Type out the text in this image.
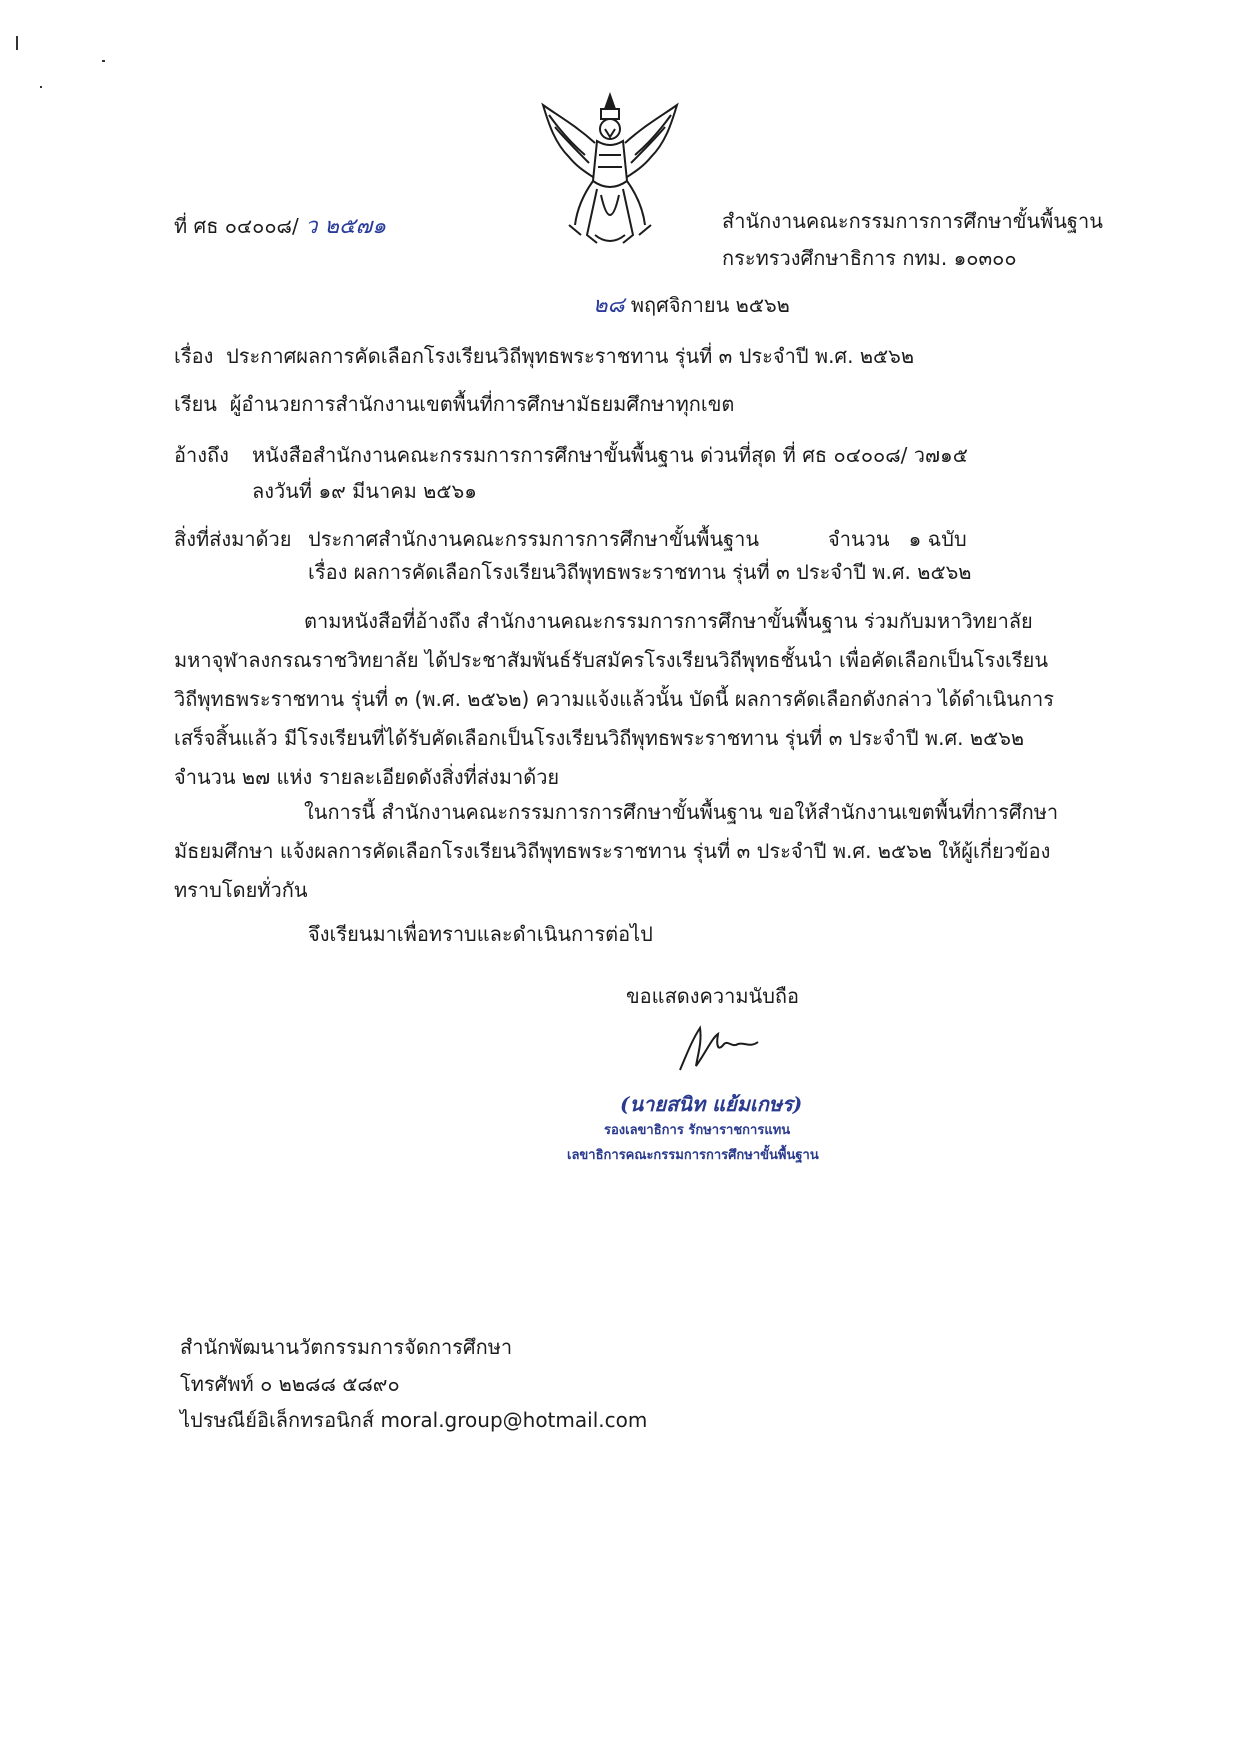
ที่ ศธ ๐๔๐๐๘/ ว ๒๕๗๑	สำนักงานคณะกรรมการการศึกษาขั้นพื้นฐาน
กระทรวงศึกษาธิการ กทม. ๑๐๓๐๐
๒๘ พฤศจิกายน ๒๕๖๒
เรื่อง ประกาศผลการคัดเลือกโรงเรียนวิถีพุทธพระราชทาน รุ่นที่ ๓ ประจำปี พ.ศ. ๒๕๖๒
เรียน ผู้อำนวยการสำนักงานเขตพื้นที่การศึกษามัธยมศึกษาทุกเขต
อ้างถึง หนังสือสำนักงานคณะกรรมการการศึกษาขั้นพื้นฐาน ด่วนที่สุด ที่ ศธ ๐๔๐๐๘/ ว๗๑๕
ลงวันที่ ๑๙ มีนาคม ๒๕๖๑
สิ่งที่ส่งมาด้วย ประกาศสำนักงานคณะกรรมการการศึกษาขั้นพื้นฐาน	จำนวน   ๑ ฉบับ
เรื่อง ผลการคัดเลือกโรงเรียนวิถีพุทธพระราชทาน รุ่นที่ ๓ ประจำปี พ.ศ. ๒๕๖๒
ตามหนังสือที่อ้างถึง สำนักงานคณะกรรมการการศึกษาขั้นพื้นฐาน ร่วมกับมหาวิทยาลัย
มหาจุฬาลงกรณราชวิทยาลัย ได้ประชาสัมพันธ์รับสมัครโรงเรียนวิถีพุทธชั้นนำ เพื่อคัดเลือกเป็นโรงเรียน
วิถีพุทธพระราชทาน รุ่นที่ ๓ (พ.ศ. ๒๕๖๒) ความแจ้งแล้วนั้น บัดนี้ ผลการคัดเลือกดังกล่าว ได้ดำเนินการ
เสร็จสิ้นแล้ว มีโรงเรียนที่ได้รับคัดเลือกเป็นโรงเรียนวิถีพุทธพระราชทาน รุ่นที่ ๓ ประจำปี พ.ศ. ๒๕๖๒
จำนวน ๒๗ แห่ง รายละเอียดดังสิ่งที่ส่งมาด้วย
ในการนี้ สำนักงานคณะกรรมการการศึกษาขั้นพื้นฐาน ขอให้สำนักงานเขตพื้นที่การศึกษา
มัธยมศึกษา แจ้งผลการคัดเลือกโรงเรียนวิถีพุทธพระราชทาน รุ่นที่ ๓ ประจำปี พ.ศ. ๒๕๖๒ ให้ผู้เกี่ยวข้อง
ทราบโดยทั่วกัน
จึงเรียนมาเพื่อทราบและดำเนินการต่อไป
ขอแสดงความนับถือ
(นายสนิท แย้มเกษร)
รองเลขาธิการ รักษาราชการแทน
เลขาธิการคณะกรรมการการศึกษาขั้นพื้นฐาน
สำนักพัฒนานวัตกรรมการจัดการศึกษา
โทรศัพท์ ๐ ๒๒๘๘ ๕๘๙๐
ไปรษณีย์อิเล็กทรอนิกส์ moral.group@hotmail.com
